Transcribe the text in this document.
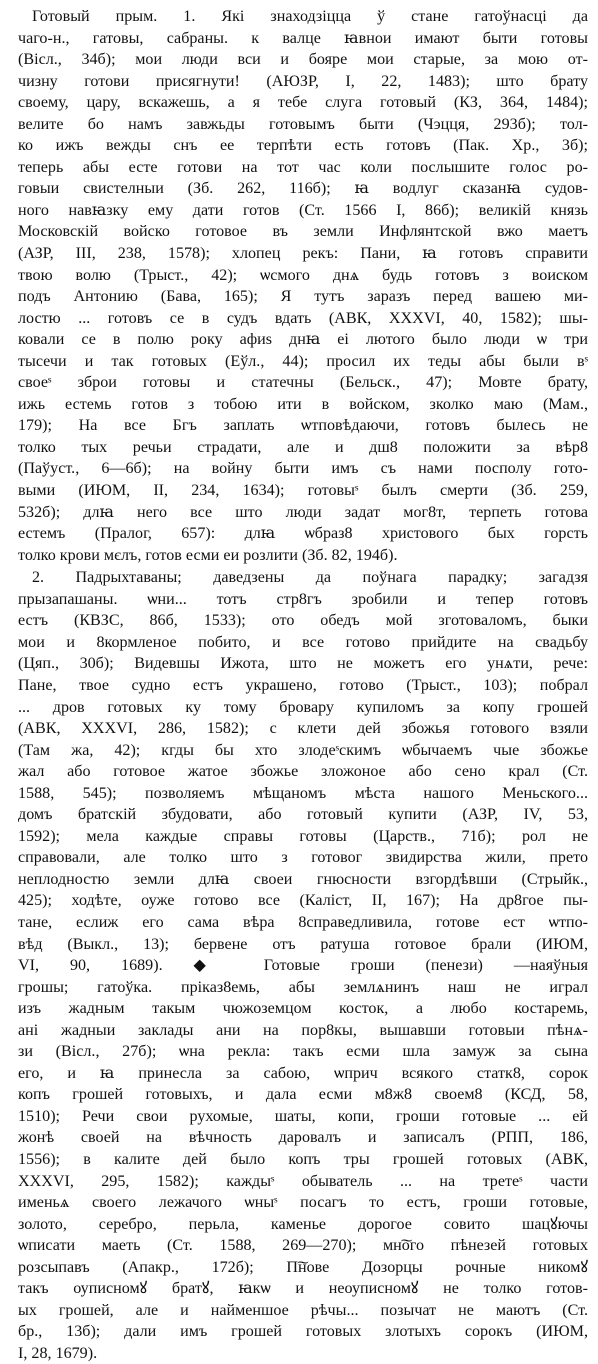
Готовый прым. 1. Які знаходзіцца ў стане гатоўнасці да
чаго-н., гатовы, сабраны. к валце ꙗвнои имают быти готовы
(Вісл., 34б); мои люди вси и бояре мои старые, за мою от-
чизну готови присягнути! (АЮЗР, I, 22, 1483); што брату
своему, цару, вскажешь, а я тебе слуга готовый (КЗ, 364, 1484);
велите бо намъ завжьды готовымъ быти (Чэцця, 293б); тол-
ко ижъ вежды снъ ее терпѣти есть готовъ (Пак. Хр., 3б);
теперь абы есте готови на тот час коли послышите голос ро-
говыи свистелныи (Зб. 262, 116б); ꙗ водлуг сказанꙗ судов-
ного навꙗзку ему дати готов (Ст. 1566 I, 86б); великій князь
Московскій войско готовое въ земли Инфлянтской вжо маетъ
(АЗР, III, 238, 1578); хлопец рекъ: Пани, ꙗ готовъ справити
твою волю (Трыст., 42); ѡсмого днѧ будь готовъ з воиском
подъ Антонию (Бава, 165); Я тутъ заразъ перед вашею ми-
лостю ... готовъ се в судъ вдать (АВК, XXXVI, 40, 1582); шы-
ковали се в полю року афиѕ днꙗ еі лютого было люди ѡ три
тысечи и так готовых (Еўл., 44); просил их теды абы были вˢ
своеˢ зброи готовы и статечны (Бельск., 47); Мовте брату,
ижь естемь готов з тобою ити в войском, зколко маю (Мам.,
179); На все Бгъ заплать ѡтповѣдаючи, готовъ былесь не
толко тых речьи страдати, але и дш8 положити за вѣр8
(Паўуст., 6—6б); на войну быти имъ съ нами посполу гото-
выми (ИЮМ, II, 234, 1634); готовыˢ былъ смерти (Зб. 259,
532б); длꙗ него все што люди задат мог8т, терпеть готова
естемъ (Пралог, 657): длꙗ ѡбраз8 христового быx горсть
толко крови мєлъ, готов есми еи розлити (Зб. 82, 194б).
2. Падрыхтаваны; даведзены да поўнага парадку; загадзя
прызапашаны. ѡни... тотъ стр8гъ зробили и тепер готовъ
естъ (КВЗС, 86б, 1533); ото обедъ мой зготоваломъ, быки
мои и 8кормленое побито, и все готово прийдите на свадьбу
(Цяп., 30б); Видевшы Ижота, што не можетъ его унѧти, рече:
Пане, твое судно естъ украшено, готово (Трыст., 103); побрал
... дров готовых ку тому бровару купиломъ за копу грошей
(АВК, XXXVI, 286, 1582); с клети дей збожья готового взяли
(Там жа, 42); кгды бы хто злодеˢскимъ ѡбычаемъ чые збожье
жал або готовое жатое збожье зложоное або сено крал (Ст.
1588, 545); позволяемъ мѣщаномъ мѣста нашого Меньского...
домъ братскій збудовати, або готовый купити (АЗР, IV, 53,
1592); мела каждые справы готовы (Царств., 71б); рол не
справовали, але толко што з готовог звидирства жили, прето
неплодностю земли длꙗ своеи гнюсности взгордѣвши (Стрыйк.,
425); ходѣте, оуже готово все (Калiст, II, 167); На др8гое пы-
тане, еслиж его сама вѣра 8справедливила, готове ест ѡтпо-
вѣд (Выкл., 13); бервене отъ ратуша готовое брали (ИЮМ,
VI, 90, 1689). ◆ Готовые гроши (пенези) —наяўныя
грошы; гатоўка. прiказ8емь, абы землѧнинъ наш не играл
изъ жадным такым чюжоземцом косток, а любо костаремь,
ані жадныи заклады ани на пор8кы, вышавши готовыи пѣнѧ-
зи (Вісл., 27б); ѡна рекла: такъ есми шла замуж за сына
его, и ꙗ принесла за сабою, ѡприч всякого статк8, сорок
копъ грошей готовыхъ, и дала есми м8ж8 своем8 (КСД, 58,
1510); Речи свои рухомые, шаты, копи, гроши готовые ... ей
жонѣ своей на вѣчность даровалъ и записалъ (РПП, 186,
1556); в калите дей было копъ тры грошей готовых (АВК,
XXXVI, 295, 1582); каждыˢ обыватель ... на третеˢ части
именьѧ своего лежачого ѡныˢ посагъ то естъ, гроши готовые,
золото, серебро, перьла, каменье дорогое совито шацꙋючы
ѡписати маеть (Ст. 1588, 269—270); мн͠ого пѣнезей готовых
розсыпавъ (Апакр., 172б); П͠нове Дозорцы рочные никомꙋ
такъ оуписномꙋ братꙋ, ꙗкѡ и неоуписномꙋ не толко готов-
ых грошей, але и найменшое рѣчы... позычат не маютъ (Ст.
бр., 13б); дали имъ грошей готовых злотыхъ сорокъ (ИЮМ,
I, 28, 1679).
